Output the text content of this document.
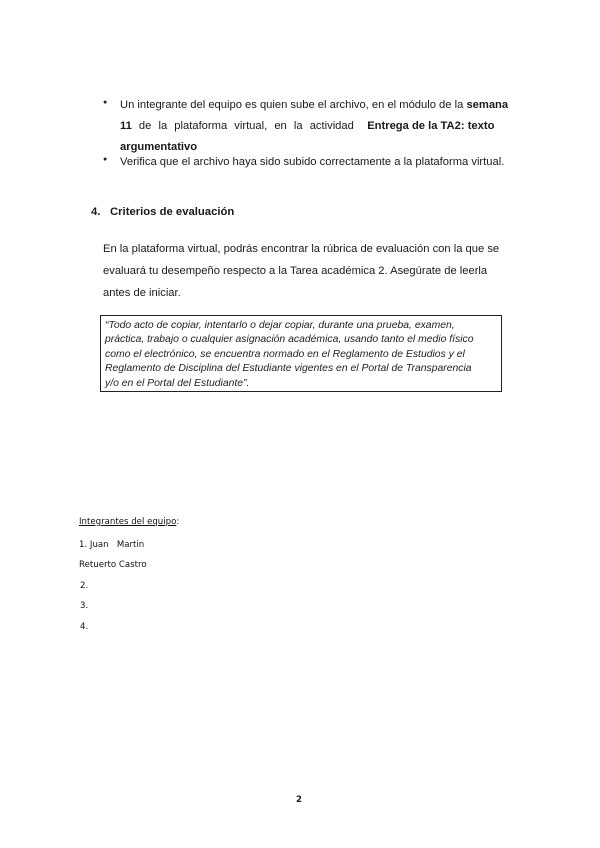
● Un integrante del equipo es quien sube el archivo, en el módulo de la semana
11 de la plataforma virtual, en la actividad   Entrega de la TA2: texto
argumentativo
● Verifica que el archivo haya sido subido correctamente a la plataforma virtual.
4. Criterios de evaluación
En la plataforma virtual, podrás encontrar la rúbrica de evaluación con la que se
evaluará tu desempeño respecto a la Tarea académica 2. Asegúrate de leerla
antes de iniciar.
“Todo acto de copiar, intentarlo o dejar copiar, durante una prueba, examen,
práctica, trabajo o cualquier asignación académica, usando tanto el medio físico
como el electrónico, se encuentra normado en el Reglamento de Estudios y el
Reglamento de Disciplina del Estudiante vigentes en el Portal de Transparencia
y/o en el Portal del Estudiante”.
Integrantes del equipo:
1. Juan   Martin
Retuerto Castro
2.
3.
4.
2
